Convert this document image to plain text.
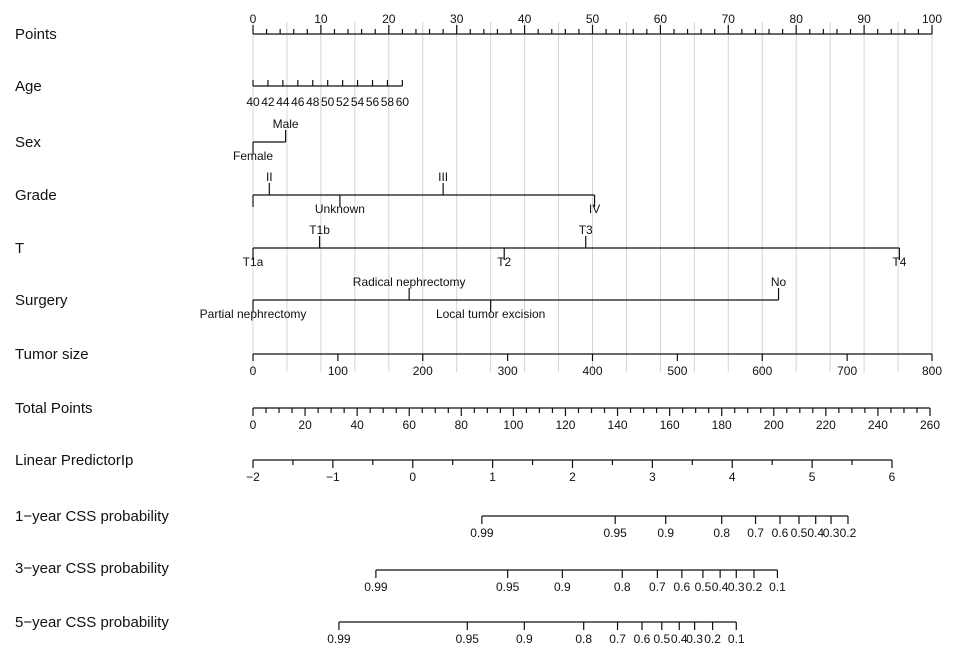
Points
Age
Sex
Grade
T
Surgery
Tumor size
Total Points
Linear PredictorIp
1−year CSS probability
3−year CSS probability
5−year CSS probability
0	10	20	30	40	50	60	70	80	90	100
40 42 44 46 48 50 52 54 56 58 60
Female
Male
II
Unknown
III
IV
T1a
T1b
T2
T3
T4
Partial nephrectomy
Radical nephrectomy
Local tumor excision
No
0	100	200	300	400	500	600	700	800
0	20	40	60	80	100	120	140	160	180	200	220	240	260
−2	−1	0	1	2	3	4	5	6
0.99	0.95	0.9	0.8 0.7 0.6 0.5 0.4
0.3 0.2
0.99	0.95	0.9	0.8 0.7 0.6 0.5 0.4 0.3 0.2 0.1
0.99	0.95	0.9	0.8 0.7 0.6 0.5 0.4
0.3 0.2 0.1
